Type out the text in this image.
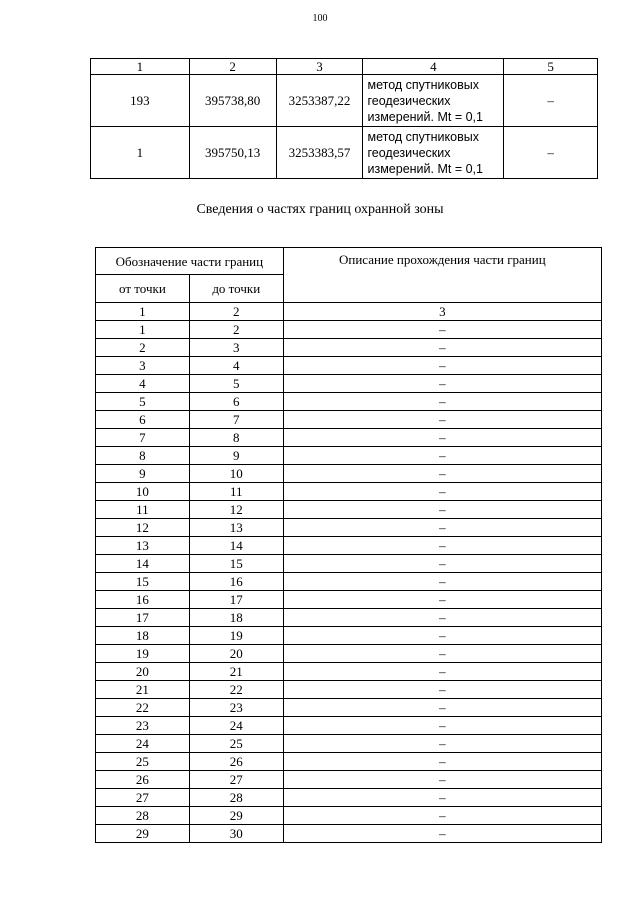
100
1	2	3	4	5
193	395738,80	3253387,22	метод спутниковых
геодезических
измерений. Mt = 0,1	–
1	395750,13	3253383,57	метод спутниковых
геодезических
измерений. Mt = 0,1	–
Сведения о частях границ охранной зоны
Обозначение части границ		Описание прохождения части границ
от точки	до точки	
1	2	3
1	2	–
2	3	–
3	4	–
4	5	–
5	6	–
6	7	–
7	8	–
8	9	–
9	10	–
10	11	–
11	12	–
12	13	–
13	14	–
14	15	–
15	16	–
16	17	–
17	18	–
18	19	–
19	20	–
20	21	–
21	22	–
22	23	–
23	24	–
24	25	–
25	26	–
26	27	–
27	28	–
28	29	–
29	30	–
